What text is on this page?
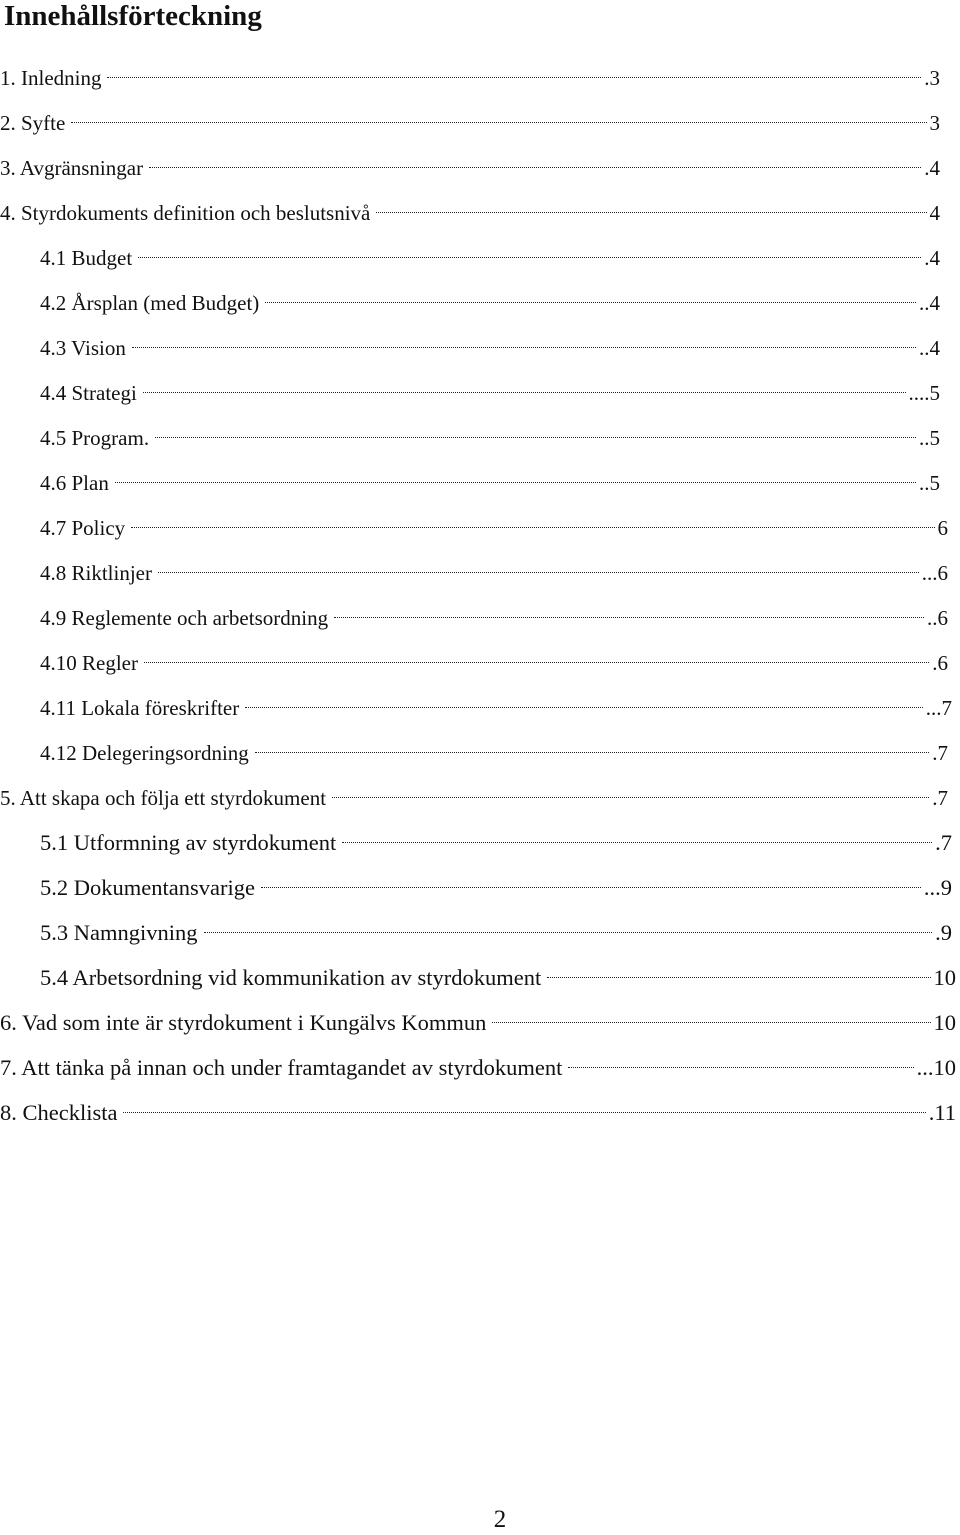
Innehållsförteckning
1. Inledning	.3
2. Syfte	3
3. Avgränsningar	.4
4. Styrdokuments definition och beslutsnivå	4
4.1 Budget	.4
4.2 Årsplan (med Budget)	..4
4.3 Vision	..4
4.4 Strategi	....5
4.5 Program.	..5
4.6 Plan	..5
4.7 Policy	6
4.8 Riktlinjer	...6
4.9 Reglemente och arbetsordning	..6
4.10 Regler	.6
4.11 Lokala föreskrifter	...7
4.12 Delegeringsordning	.7
5. Att skapa och följa ett styrdokument	.7
5.1 Utformning av styrdokument	.7
5.2 Dokumentansvarige	...9
5.3 Namngivning	.9
5.4 Arbetsordning vid kommunikation av styrdokument	10
6. Vad som inte är styrdokument i Kungälvs Kommun	10
7. Att tänka på innan och under framtagandet av styrdokument	...10
8. Checklista	.11
2
